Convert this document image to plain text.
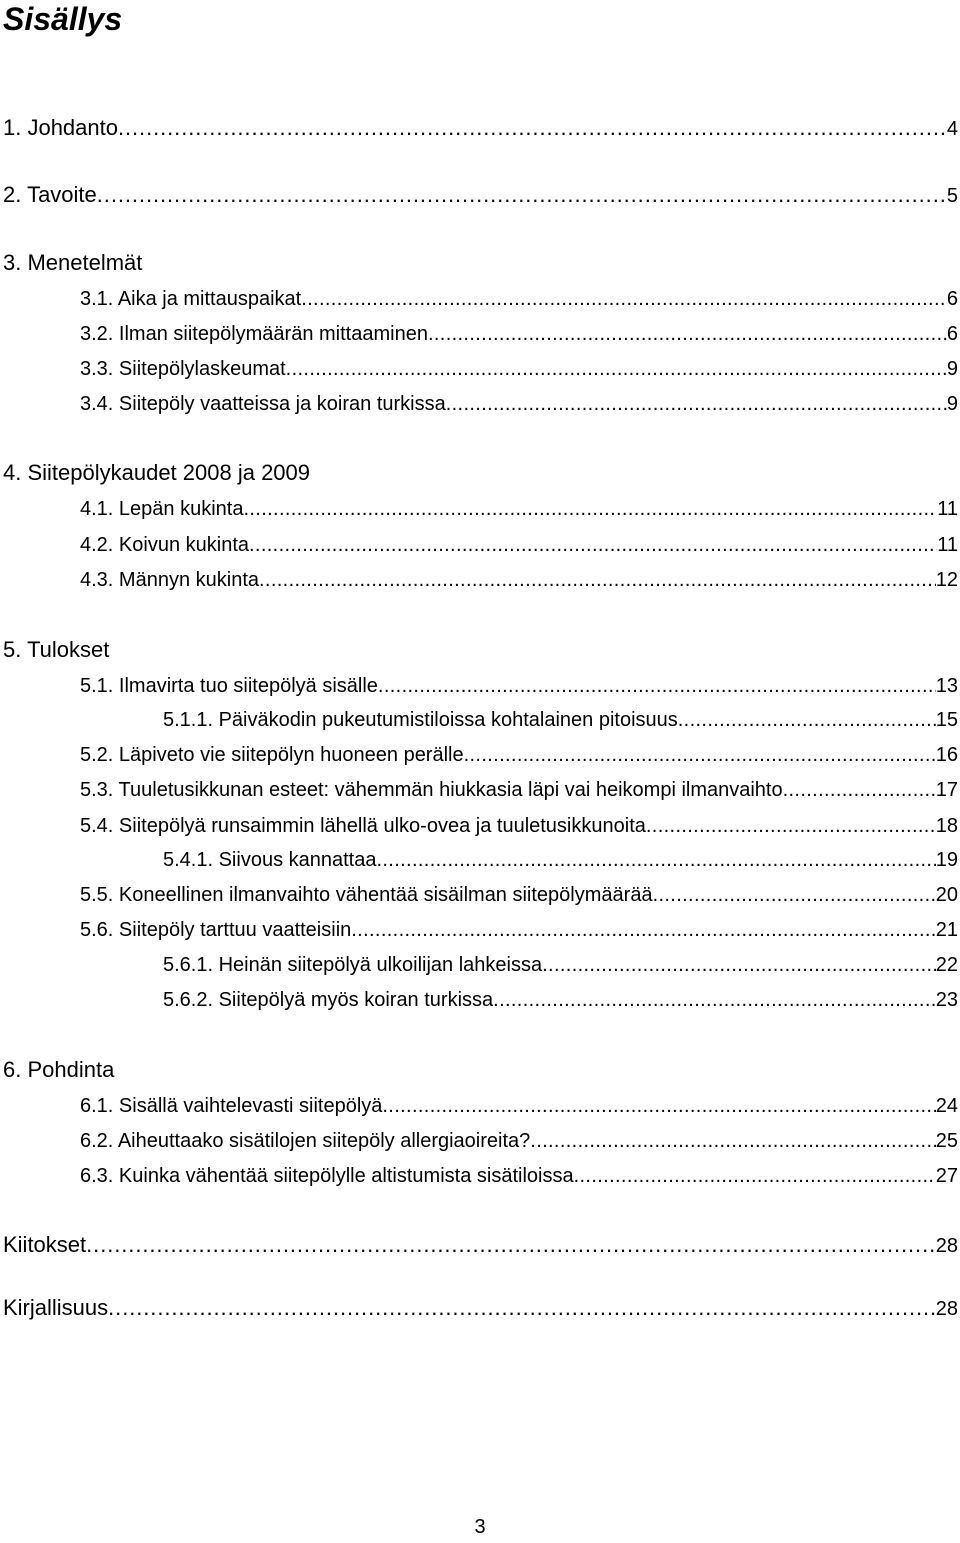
Sisällys
1. Johdanto . . .	4
2. Tavoite . . .	5
3. Menetelmät
3.1. Aika ja mittauspaikat . . .	6
3.2. Ilman siitepölymäärän mittaaminen . . .	6
3.3. Siitepölylaskeumat . . .	9
3.4. Siitepöly vaatteissa ja koiran turkissa . . .	9
4. Siitepölykaudet 2008 ja 2009
4.1. Lepän kukinta . . .	11
4.2. Koivun kukinta . . .	11
4.3. Männyn kukinta . . .	12
5. Tulokset
5.1. Ilmavirta tuo siitepölyä sisälle . . .	13
5.1.1. Päiväkodin pukeutumistiloissa kohtalainen pitoisuus . . .	15
5.2. Läpiveto vie siitepölyn huoneen perälle . . .	16
5.3. Tuuletusikkunan esteet: vähemmän hiukkasia läpi vai heikompi ilmanvaihto . . .	17
5.4. Siitepölyä runsaimmin lähellä ulko-ovea ja tuuletusikkunoita . . .	18
5.4.1. Siivous kannattaa . . .	19
5.5. Koneellinen ilmanvaihto vähentää sisäilman siitepölymäärää . . .	20
5.6. Siitepöly tarttuu vaatteisiin . . .	21
5.6.1. Heinän siitepölyä ulkoilijan lahkeissa . . .	22
5.6.2. Siitepölyä myös koiran turkissa . . .	23
6. Pohdinta
6.1. Sisällä vaihtelevasti siitepölyä . . .	24
6.2. Aiheuttaako sisätilojen siitepöly allergiaoireita? . . .	25
6.3. Kuinka vähentää siitepölylle altistumista sisätiloissa . . .	27
Kiitokset . . .	28
Kirjallisuus . . .	28
3
